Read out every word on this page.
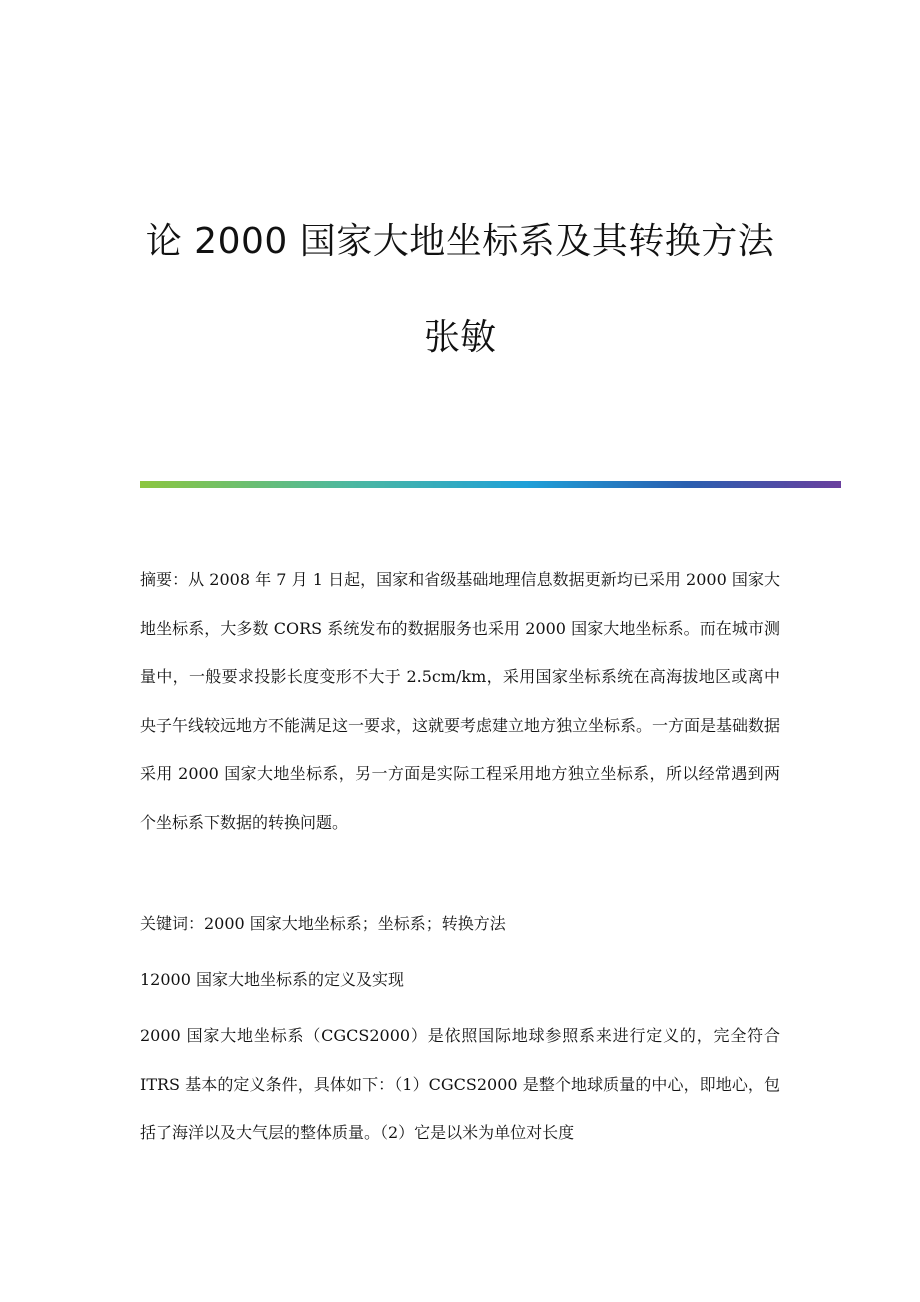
论 2000 国家大地坐标系及其转换方法
张敏

摘要：从 2008 年 7 月 1 日起，国家和省级基础地理信息数据更新均已采用 2000 国家大地坐标系，大多数 CORS 系统发布的数据服务也采用 2000 国家大地坐标系。而在城市测量中，一般要求投影长度变形不大于 2.5cm/km，采用国家坐标系统在高海拔地区或离中央子午线较远地方不能满足这一要求，这就要考虑建立地方独立坐标系。一方面是基础数据采用 2000 国家大地坐标系，另一方面是实际工程采用地方独立坐标系，所以经常遇到两个坐标系下数据的转换问题。

关键词：2000 国家大地坐标系；坐标系；转换方法

12000 国家大地坐标系的定义及实现

2000 国家大地坐标系（CGCS2000）是依照国际地球参照系来进行定义的，完全符合 ITRS 基本的定义条件，具体如下：（1）CGCS2000 是整个地球质量的中心，即地心，包括了海洋以及大气层的整体质量。（2）它是以米为单位对长度
